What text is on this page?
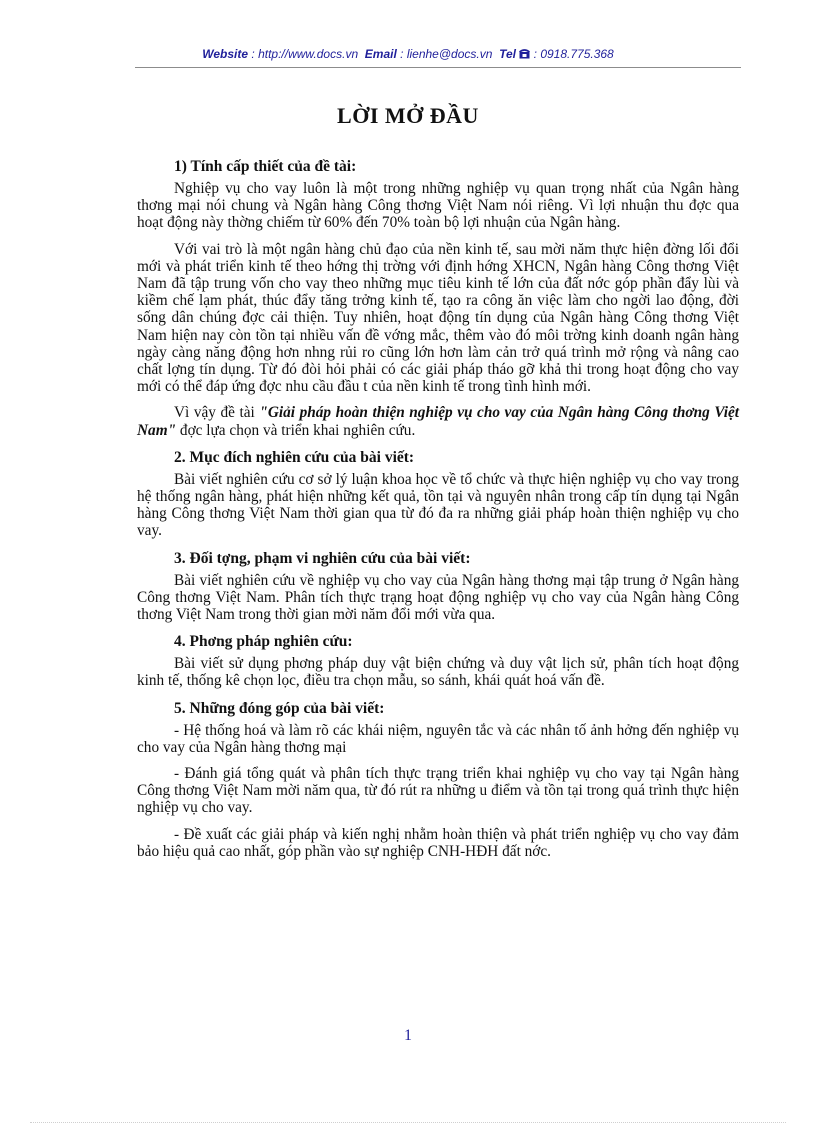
Website : http://www.docs.vn Email : lienhe@docs.vn Tel : 0918.775.368
LỜI MỞ ĐẦU
1) Tính cấp thiết của đề tài:

Nghiệp vụ cho vay luôn là một trong những nghiệp vụ quan trọng nhất của Ngân hàng thơng mại nói chung và Ngân hàng Công thơng Việt Nam nói riêng. Vì lợi nhuận thu đợc qua hoạt động này thờng chiếm từ 60% đến 70% toàn bộ lợi nhuận của Ngân hàng.

Với vai trò là một ngân hàng chủ đạo của nền kinh tế, sau mời năm thực hiện đờng lối đổi mới và phát triển kinh tế theo hớng thị trờng với định hớng XHCN, Ngân hàng Công thơng Việt Nam đã tập trung vốn cho vay theo những mục tiêu kinh tế lớn của đất nớc góp phần đẩy lùi và kiềm chế lạm phát, thúc đẩy tăng trởng kinh tế, tạo ra công ăn việc làm cho ngời lao động, đời sống dân chúng đợc cải thiện. Tuy nhiên, hoạt động tín dụng của Ngân hàng Công thơng Việt Nam hiện nay còn tồn tại nhiều vấn đề vớng mắc, thêm vào đó môi trờng kinh doanh ngân hàng ngày càng năng động hơn nhng rủi ro cũng lớn hơn làm cản trở quá trình mở rộng và nâng cao chất lợng tín dụng. Từ đó đòi hỏi phải có các giải pháp tháo gỡ khả thi trong hoạt động cho vay mới có thể đáp ứng đợc nhu cầu đầu t của nền kinh tế trong tình hình mới.

Vì vậy đề tài "Giải pháp hoàn thiện nghiệp vụ cho vay của Ngân hàng Công thơng Việt Nam" đợc lựa chọn và triển khai nghiên cứu.

2. Mục đích nghiên cứu của bài viết:

Bài viết nghiên cứu cơ sở lý luận khoa học về tổ chức và thực hiện nghiệp vụ cho vay trong hệ thống ngân hàng, phát hiện những kết quả, tồn tại và nguyên nhân trong cấp tín dụng tại Ngân hàng Công thơng Việt Nam thời gian qua từ đó đa ra những giải pháp hoàn thiện nghiệp vụ cho vay.

3. Đối tợng, phạm vi nghiên cứu của bài viết:

Bài viết nghiên cứu về nghiệp vụ cho vay của Ngân hàng thơng mại tập trung ở Ngân hàng Công thơng Việt Nam. Phân tích thực trạng hoạt động nghiệp vụ cho vay của Ngân hàng Công thơng Việt Nam trong thời gian mời năm đổi mới vừa qua.

4. Phơng pháp nghiên cứu:

Bài viết sử dụng phơng pháp duy vật biện chứng và duy vật lịch sử, phân tích hoạt động kinh tế, thống kê chọn lọc, điều tra chọn mẫu, so sánh, khái quát hoá vấn đề.

5. Những đóng góp của bài viết:

- Hệ thống hoá và làm rõ các khái niệm, nguyên tắc và các nhân tố ảnh hởng đến nghiệp vụ cho vay của Ngân hàng thơng mại

- Đánh giá tổng quát và phân tích thực trạng triển khai nghiệp vụ cho vay tại Ngân hàng Công thơng Việt Nam mời năm qua, từ đó rút ra những u điểm và tồn tại trong quá trình thực hiện nghiệp vụ cho vay.

- Đề xuất các giải pháp và kiến nghị nhằm hoàn thiện và phát triển nghiệp vụ cho vay đảm bảo hiệu quả cao nhất, góp phần vào sự nghiệp CNH-HĐH đất nớc.

1
